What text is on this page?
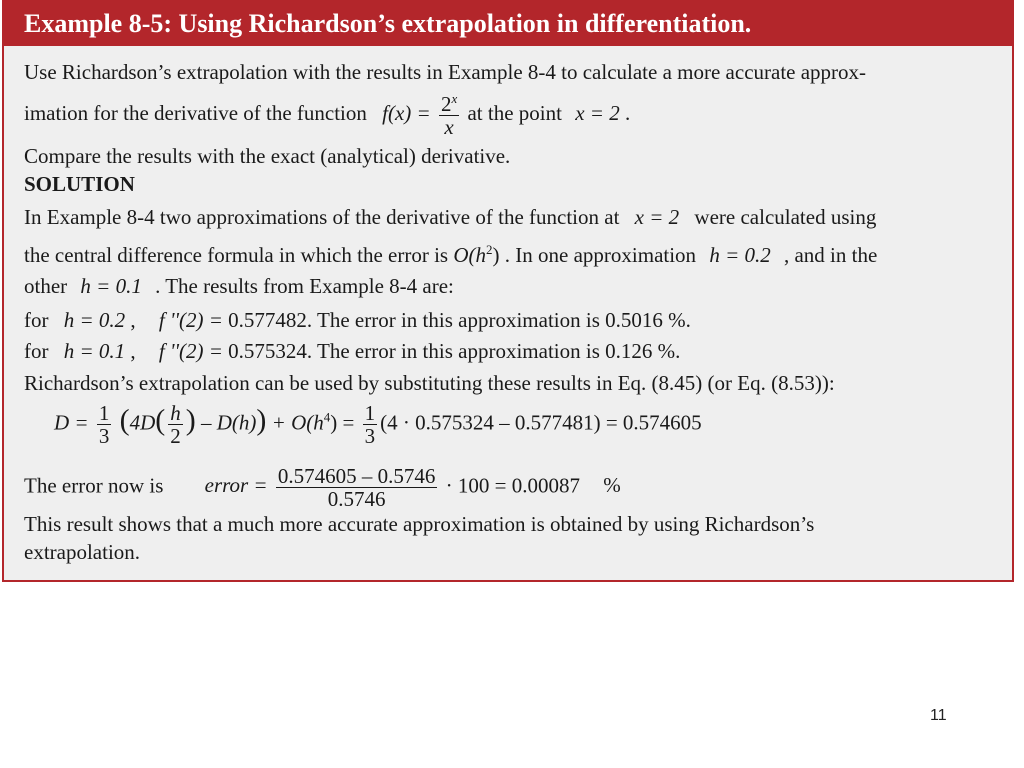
Example 8-5: Using Richardson’s extrapolation in differentiation.
Use Richardson’s extrapolation with the results in Example 8-4 to calculate a more accurate approx-
imation for the derivative of the function $f(x) = \frac{2^x}{x}$ at the point x = 2 .
Compare the results with the exact (analytical) derivative.
SOLUTION
In Example 8-4 two approximations of the derivative of the function at x = 2 were calculated using
the central difference formula in which the error is $O(h^2)$ . In one approximation h = 0.2 , and in the
other h = 0.1 . The results from Example 8-4 are:
for h = 0.2 , f ''(2) = 0.577482. The error in this approximation is 0.5016 %.
for h = 0.1 , f ''(2) = 0.575324. The error in this approximation is 0.126 %.
Richardson’s extrapolation can be used by substituting these results in Eq. (8.45) (or Eq. (8.53)):
$D = \frac{1}{3} (4D( \frac{h}{2}$ ) – $D(h)) + O(h^4) = \frac{1}{3} (4 \cdot 0.575324 - 0.577481) = 0.574605$
The error now is error = $\frac{0.574605 - 0.5746}{0.5746} \cdot 100 = 0.00087$ %
This result shows that a much more accurate approximation is obtained by using Richardson’s
extrapolation.
11
